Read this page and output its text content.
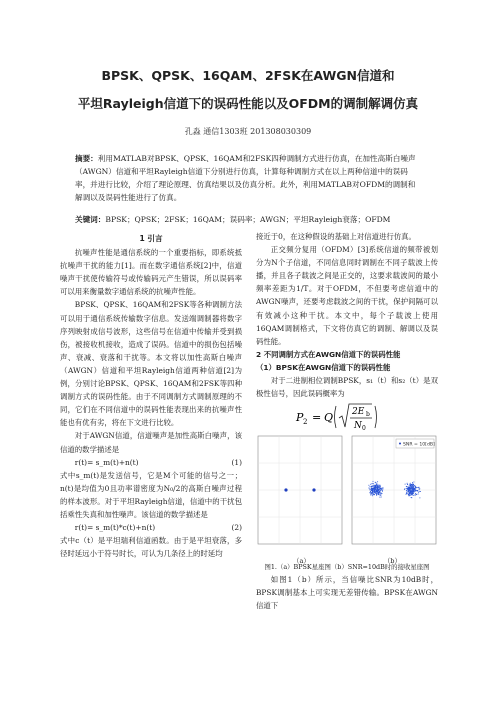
BPSK、QPSK、16QAM、2FSK在AWGN信道和
平坦Rayleigh信道下的误码性能以及OFDM的调制解调仿真
孔淼 通信1303班 201308030309
摘要：利用MATLAB对BPSK、QPSK、16QAM和2FSK四种调制方式进行仿真，在加性高斯白噪声（AWGN）信道和平坦Rayleigh信道下分别进行仿真，计算每种调制方式在以上两种信道中的误码率，并进行比较，介绍了理论原理、仿真结果以及仿真分析。此外，利用MATLAB对OFDM的调制和解调以及误码性能进行了仿真。
关键词：BPSK；QPSK；2FSK；16QAM；误码率；AWGN；平坦Rayleigh衰落；OFDM
1 引言

抗噪声性能是通信系统的一个重要指标，即系统抵抗噪声干扰的能力[1]。而在数字通信系统[2]中，信道噪声干扰使传输符号或传输码元产生错误，所以误码率可以用来衡量数字通信系统的抗噪声性能。

BPSK、QPSK、16QAM和2FSK等各种调制方法可以用于通信系统传输数字信息。发送端调制器将数字序列映射成信号波形，这些信号在信道中传输并受到损伤，被接收机接收，造成了误码。信道中的损伤包括噪声、衰减、衰落和干扰等。本文将以加性高斯白噪声（AWGN）信道和平坦Rayleigh信道两种信道[2]为例，分别讨论BPSK、QPSK、16QAM和2FSK等四种调制方式的误码性能。由于不同调制方式调制原理的不同，它们在不同信道中的误码性能表现出来的抗噪声性能也有优有劣，将在下文进行比较。

对于AWGN信道，信道噪声是加性高斯白噪声，该信道的数学描述是

r(t)= s_m(t)+n(t)	(1)

式中s_m(t)是发送信号，它是M个可能的信号之一；n(t)是均值为0且功率谱密度为N₀/2的高斯白噪声过程的样本波形。对于平坦Rayleigh信道，信道中的干扰包括乘性失真和加性噪声。该信道的数学描述是

r(t)= s_m(t)*c(t)+n(t)	(2)

式中c（t）是平坦瑞利信道函数。由于是平坦衰落，多径时延远小于符号时长，可认为几条径上的时延均

接近于0，在这种假设的基础上对信道进行仿真。

正交频分复用（OFDM）[3]系统信道的频带被划分为N个子信道，不同信息同时调制在不同子载波上传播，并且各子载波之间是正交的，这要求载波间的最小频率差距为1/T。对于OFDM，不但要考虑信道中的AWGN噪声，还要考虑载波之间的干扰，保护间隔可以有效减小这种干扰。本文中，每个子载波上使用16QAM调制格式，下文将仿真它的调制、解调以及误码性能。

2 不同调制方式在AWGN信道下的误码性能
（1）BPSK在AWGN信道下的误码性能

对于二进制相位调制BPSK，s₁（t）和s₂（t）是双极性信号，因此误码概率为

P 2 = Q 2E b
N 0
SNR = 10[dB]
（a）	（b）
图1.（a）BPSK星座图（b）SNR=10dB时的接收星座图

如图1（b）所示，当信噪比SNR为10dB时，BPSK调制基本上可实现无差错传输。BPSK在AWGN信道下
